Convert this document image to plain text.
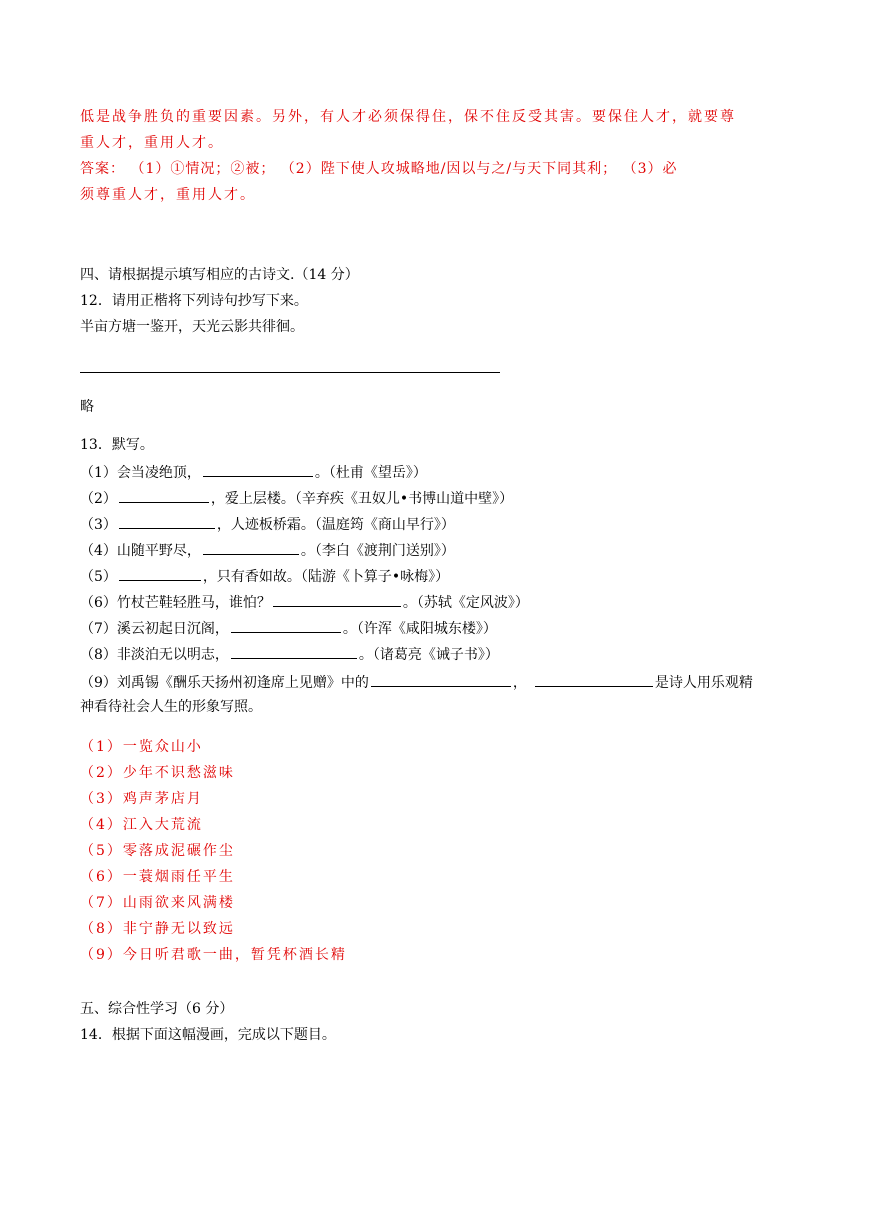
低是战争胜负的重要因素。另外，有人才必须保得住，保不住反受其害。要保住人才，就要尊
重人才，重用人才。
答案： （1）①情况；②被； （2）陛下使人攻城略地/因以与之/与天下同其利； （3）必
须尊重人才，重用人才。
四、请根据提示填写相应的古诗文.（14 分）
12．请用正楷将下列诗句抄写下来。
半亩方塘一鉴开，天光云影共徘徊。
略
13．默写。
（1）会当凌绝顶，	。（杜甫《望岳》）
（2）	，爱上层楼。（辛弃疾《丑奴儿•书博山道中壁》）
（3）	，人迹板桥霜。（温庭筠《商山早行》）
（4）山随平野尽，	。（李白《渡荆门送别》）
（5）	，只有香如故。（陆游《卜算子•咏梅》）
（6）竹杖芒鞋轻胜马，谁怕？	。（苏轼《定风波》）
（7）溪云初起日沉阁，	。（许浑《咸阳城东楼》）
（8）非淡泊无以明志，	。（诸葛亮《诫子书》）
（9）刘禹锡《酬乐天扬州初逢席上见赠》中的	，	是诗人用乐观精
神看待社会人生的形象写照。
（1）一览众山小
（2）少年不识愁滋味
（3）鸡声茅店月
（4）江入大荒流
（5）零落成泥碾作尘
（6）一蓑烟雨任平生
（7）山雨欲来风满楼
（8）非宁静无以致远
（9）今日听君歌一曲，暂凭杯酒长精
五、综合性学习（6 分）
14．根据下面这幅漫画，完成以下题目。
